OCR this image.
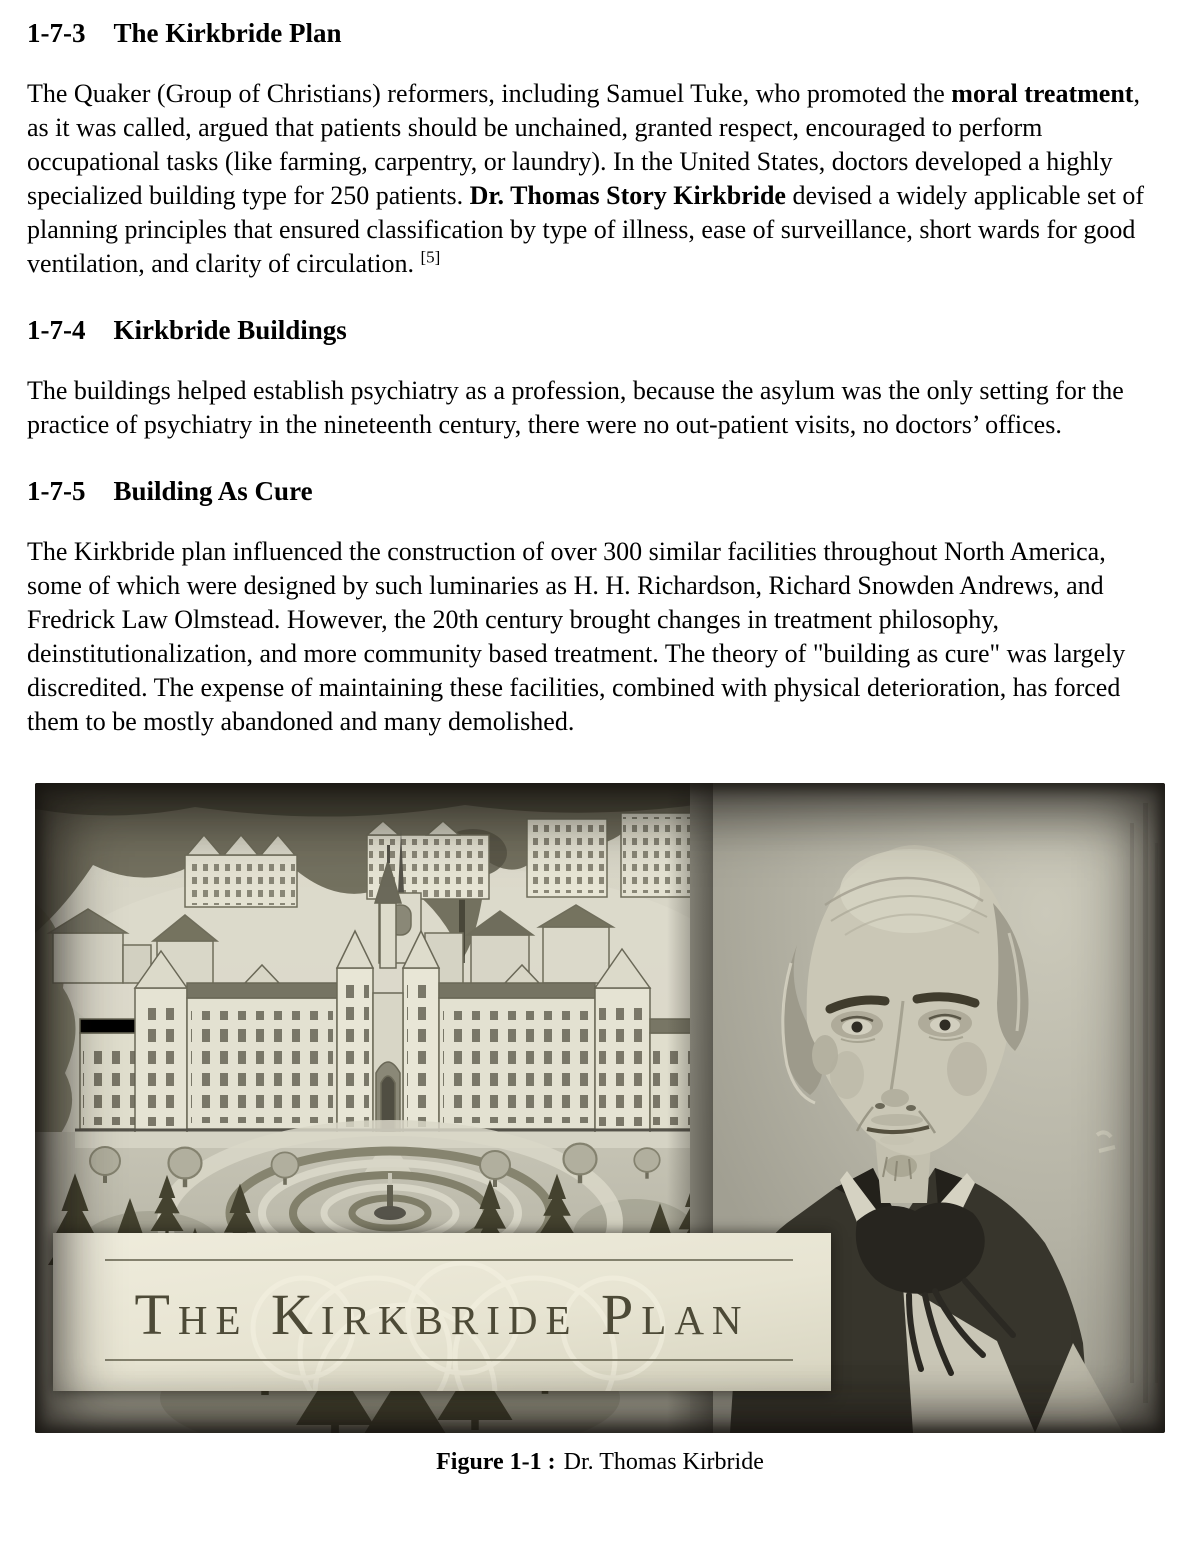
1-7-3 The Kirkbride Plan

The Quaker (Group of Christians) reformers, including Samuel Tuke, who promoted the moral treatment, as it was called, argued that patients should be unchained, granted respect, encouraged to perform occupational tasks (like farming, carpentry, or laundry). In the United States, doctors developed a highly specialized building type for 250 patients. Dr. Thomas Story Kirkbride devised a widely applicable set of planning principles that ensured classification by type of illness, ease of surveillance, short wards for good ventilation, and clarity of circulation. [5]

1-7-4 Kirkbride Buildings

The buildings helped establish psychiatry as a profession, because the asylum was the only setting for the practice of psychiatry in the nineteenth century, there were no out-patient visits, no doctors’ offices.

1-7-5 Building As Cure

The Kirkbride plan influenced the construction of over 300 similar facilities throughout North America, some of which were designed by such luminaries as H. H. Richardson, Richard Snowden Andrews, and Fredrick Law Olmstead. However, the 20th century brought changes in treatment philosophy, deinstitutionalization, and more community based treatment. The theory of "building as cure" was largely discredited. The expense of maintaining these facilities, combined with physical deterioration, has forced them to be mostly abandoned and many demolished.

The Kirkbride Plan
Figure 1-1 : Dr. Thomas Kirbride
